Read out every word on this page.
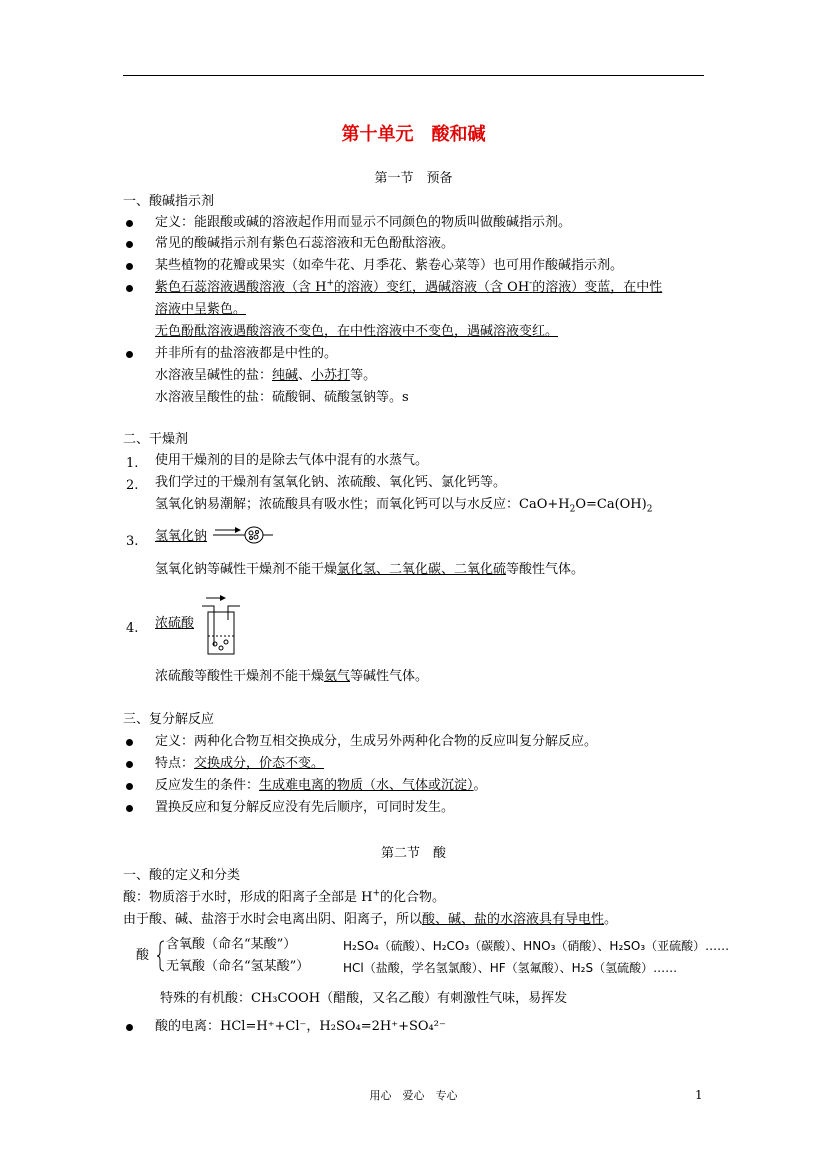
第十单元　酸和碱
第一节　预备
一、酸碱指示剂
定义：能跟酸或碱的溶液起作用而显示不同颜色的物质叫做酸碱指示剂。
常见的酸碱指示剂有紫色石蕊溶液和无色酚酞溶液。
某些植物的花瓣或果实（如牵牛花、月季花、紫卷心菜等）也可用作酸碱指示剂。
紫色石蕊溶液遇酸溶液（含 H+的溶液）变红，遇碱溶液（含 OH-的溶液）变蓝，在中性
溶液中呈紫色。
无色酚酞溶液遇酸溶液不变色，在中性溶液中不变色，遇碱溶液变红。
并非所有的盐溶液都是中性的。
水溶液呈碱性的盐：纯碱、小苏打等。
水溶液呈酸性的盐：硫酸铜、硫酸氢钠等。s
二、干燥剂
1. 使用干燥剂的目的是除去气体中混有的水蒸气。
2. 我们学过的干燥剂有氢氧化钠、浓硫酸、氧化钙、氯化钙等。
氢氧化钠易潮解；浓硫酸具有吸水性；而氧化钙可以与水反应：$CaO+H_2O=Ca(OH)_2$
3. 氢氧化钠
氢氧化钠等碱性干燥剂不能干燥氯化氢、二氧化碳、二氧化硫等酸性气体。
4. 浓硫酸
浓硫酸等酸性干燥剂不能干燥氨气等碱性气体。
三、复分解反应
定义：两种化合物互相交换成分，生成另外两种化合物的反应叫复分解反应。
特点：交换成分，价态不变。
反应发生的条件：生成难电离的物质（水、气体或沉淀）。
置换反应和复分解反应没有先后顺序，可同时发生。
第二节　酸
一、酸的定义和分类
酸：物质溶于水时，形成的阳离子全部是 H+的化合物。
由于酸、碱、盐溶于水时会电离出阴、阳离子，所以酸、碱、盐的水溶液具有导电性。
酸
含氧酸（命名“某酸”）	H₂SO₄（硫酸）、H₂CO₃（碳酸）、HNO₃（硝酸）、H₂SO₃（亚硫酸）……
无氧酸（命名“氢某酸”）	HCl（盐酸，学名氢氯酸）、HF（氢氟酸）、H₂S（氢硫酸）……
特殊的有机酸：CH₃COOH（醋酸，又名乙酸）有刺激性气味，易挥发
酸的电离：HCl=H⁺+Cl⁻，H₂SO₄=2H⁺+SO₄²⁻
用心　爱心　专心	1
